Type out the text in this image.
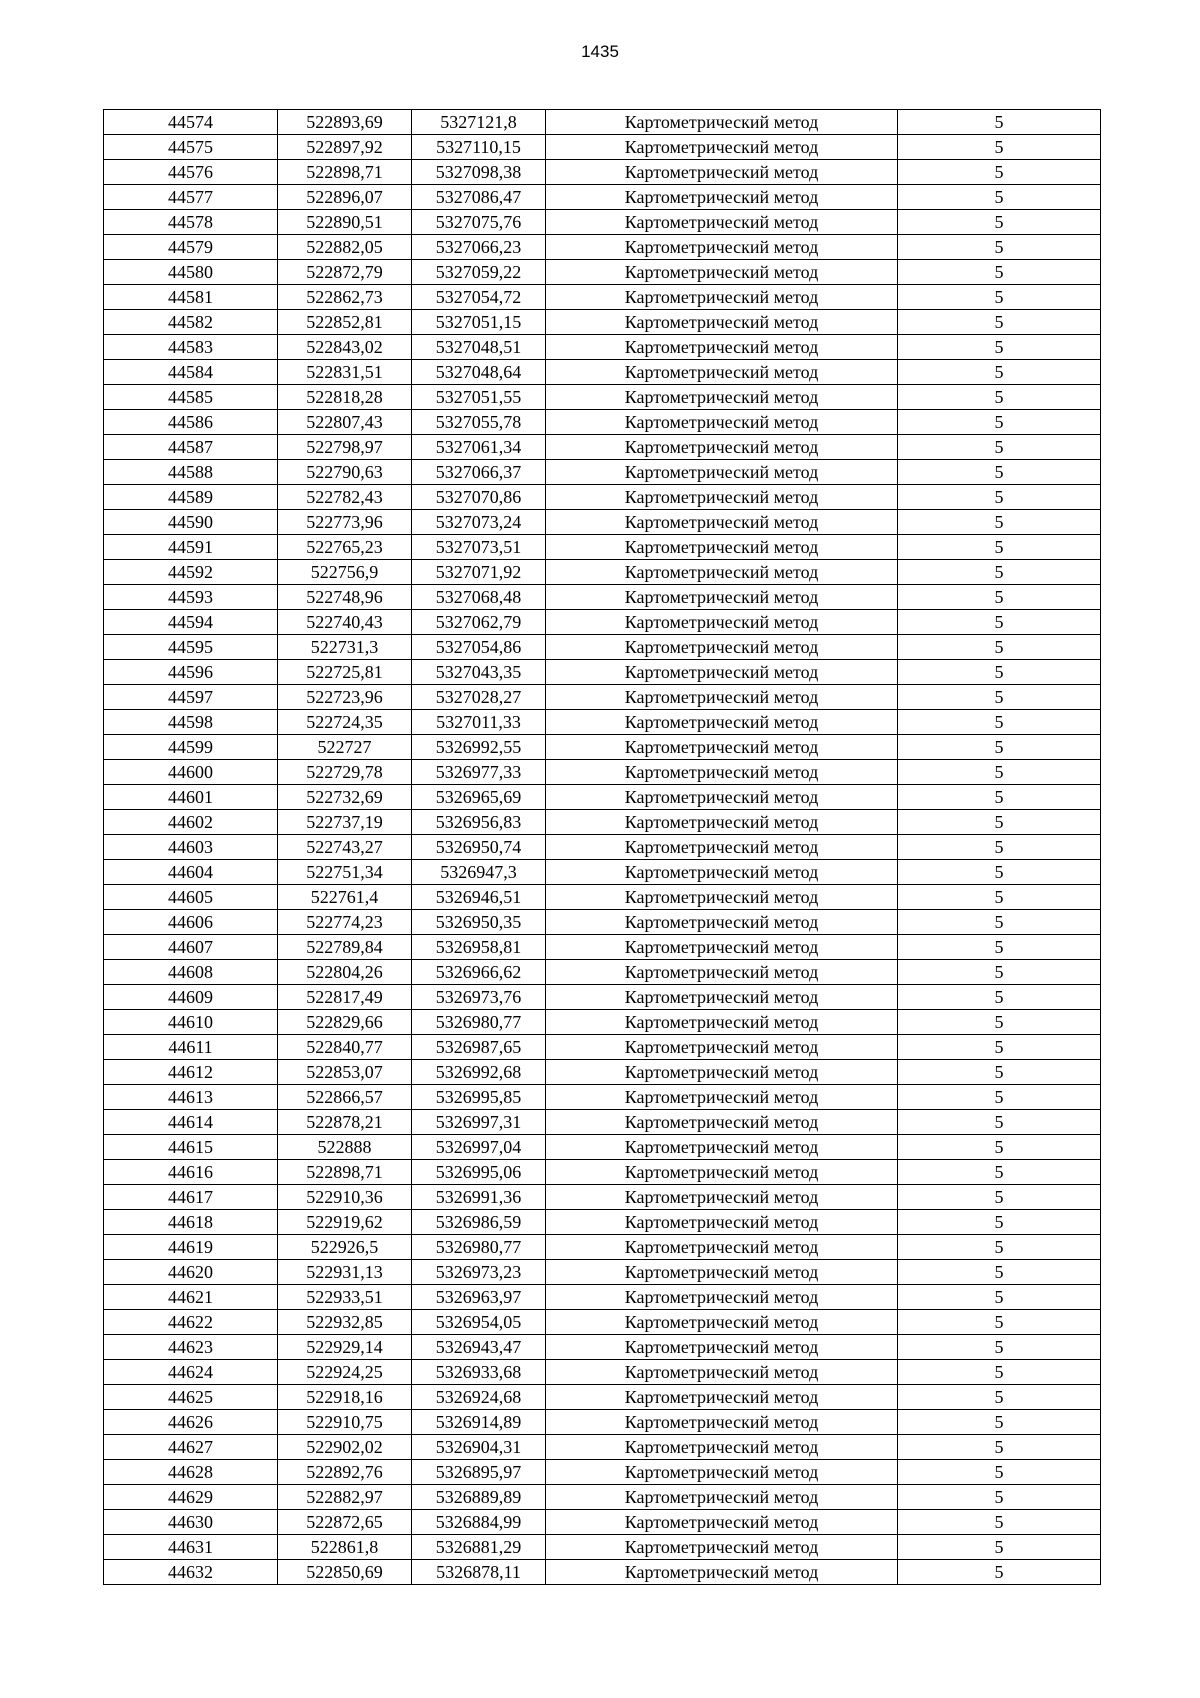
1435
44574	522893,69	5327121,8	Картометрический метод	5
44575	522897,92	5327110,15	Картометрический метод	5
44576	522898,71	5327098,38	Картометрический метод	5
44577	522896,07	5327086,47	Картометрический метод	5
44578	522890,51	5327075,76	Картометрический метод	5
44579	522882,05	5327066,23	Картометрический метод	5
44580	522872,79	5327059,22	Картометрический метод	5
44581	522862,73	5327054,72	Картометрический метод	5
44582	522852,81	5327051,15	Картометрический метод	5
44583	522843,02	5327048,51	Картометрический метод	5
44584	522831,51	5327048,64	Картометрический метод	5
44585	522818,28	5327051,55	Картометрический метод	5
44586	522807,43	5327055,78	Картометрический метод	5
44587	522798,97	5327061,34	Картометрический метод	5
44588	522790,63	5327066,37	Картометрический метод	5
44589	522782,43	5327070,86	Картометрический метод	5
44590	522773,96	5327073,24	Картометрический метод	5
44591	522765,23	5327073,51	Картометрический метод	5
44592	522756,9	5327071,92	Картометрический метод	5
44593	522748,96	5327068,48	Картометрический метод	5
44594	522740,43	5327062,79	Картометрический метод	5
44595	522731,3	5327054,86	Картометрический метод	5
44596	522725,81	5327043,35	Картометрический метод	5
44597	522723,96	5327028,27	Картометрический метод	5
44598	522724,35	5327011,33	Картометрический метод	5
44599	522727	5326992,55	Картометрический метод	5
44600	522729,78	5326977,33	Картометрический метод	5
44601	522732,69	5326965,69	Картометрический метод	5
44602	522737,19	5326956,83	Картометрический метод	5
44603	522743,27	5326950,74	Картометрический метод	5
44604	522751,34	5326947,3	Картометрический метод	5
44605	522761,4	5326946,51	Картометрический метод	5
44606	522774,23	5326950,35	Картометрический метод	5
44607	522789,84	5326958,81	Картометрический метод	5
44608	522804,26	5326966,62	Картометрический метод	5
44609	522817,49	5326973,76	Картометрический метод	5
44610	522829,66	5326980,77	Картометрический метод	5
44611	522840,77	5326987,65	Картометрический метод	5
44612	522853,07	5326992,68	Картометрический метод	5
44613	522866,57	5326995,85	Картометрический метод	5
44614	522878,21	5326997,31	Картометрический метод	5
44615	522888	5326997,04	Картометрический метод	5
44616	522898,71	5326995,06	Картометрический метод	5
44617	522910,36	5326991,36	Картометрический метод	5
44618	522919,62	5326986,59	Картометрический метод	5
44619	522926,5	5326980,77	Картометрический метод	5
44620	522931,13	5326973,23	Картометрический метод	5
44621	522933,51	5326963,97	Картометрический метод	5
44622	522932,85	5326954,05	Картометрический метод	5
44623	522929,14	5326943,47	Картометрический метод	5
44624	522924,25	5326933,68	Картометрический метод	5
44625	522918,16	5326924,68	Картометрический метод	5
44626	522910,75	5326914,89	Картометрический метод	5
44627	522902,02	5326904,31	Картометрический метод	5
44628	522892,76	5326895,97	Картометрический метод	5
44629	522882,97	5326889,89	Картометрический метод	5
44630	522872,65	5326884,99	Картометрический метод	5
44631	522861,8	5326881,29	Картометрический метод	5
44632	522850,69	5326878,11	Картометрический метод	5
